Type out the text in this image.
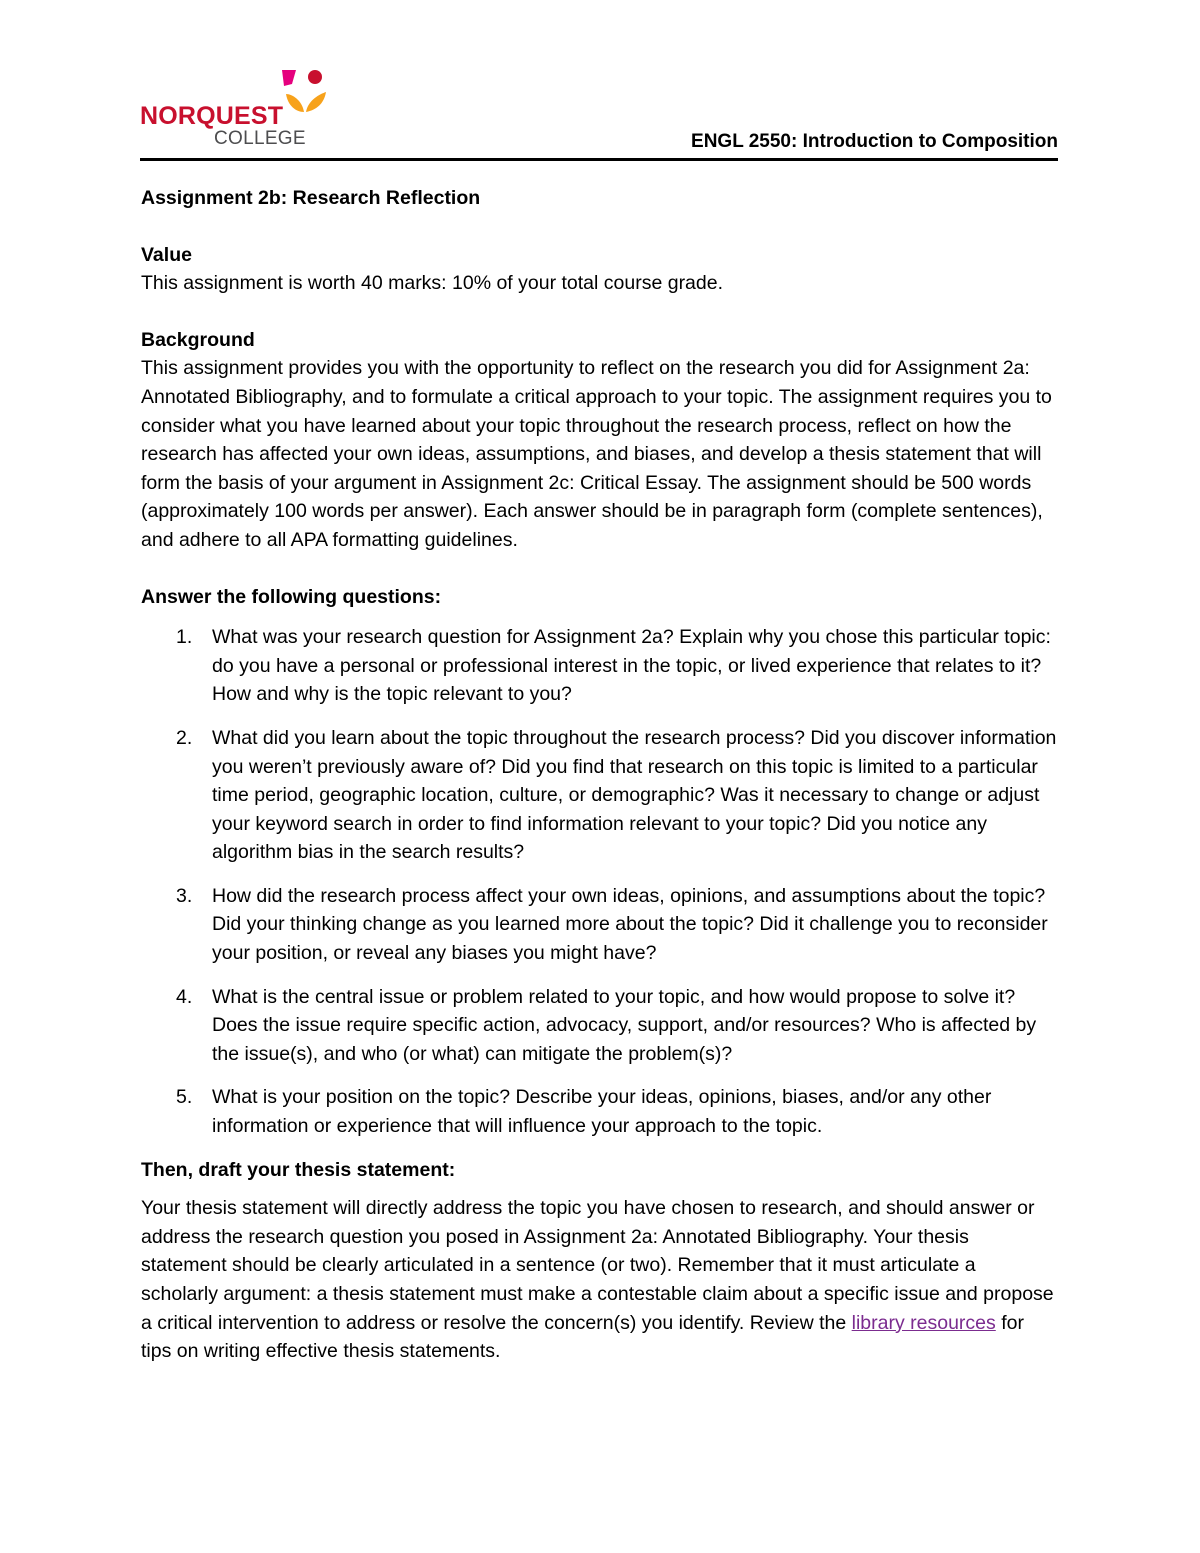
NORQUEST
COLLEGE	ENGL 2550: Introduction to Composition

Assignment 2b: Research Reflection

Value

This assignment is worth 40 marks: 10% of your total course grade.

Background

This assignment provides you with the opportunity to reflect on the research you did for Assignment 2a: Annotated Bibliography, and to formulate a critical approach to your topic. The assignment requires you to consider what you have learned about your topic throughout the research process, reflect on how the research has affected your own ideas, assumptions, and biases, and develop a thesis statement that will form the basis of your argument in Assignment 2c: Critical Essay. The assignment should be 500 words (approximately 100 words per answer). Each answer should be in paragraph form (complete sentences), and adhere to all APA formatting guidelines.

Answer the following questions:

1. What was your research question for Assignment 2a? Explain why you chose this particular topic: do you have a personal or professional interest in the topic, or lived experience that relates to it? How and why is the topic relevant to you?
2. What did you learn about the topic throughout the research process? Did you discover information you weren’t previously aware of? Did you find that research on this topic is limited to a particular time period, geographic location, culture, or demographic? Was it necessary to change or adjust your keyword search in order to find information relevant to your topic? Did you notice any algorithm bias in the search results?
3. How did the research process affect your own ideas, opinions, and assumptions about the topic? Did your thinking change as you learned more about the topic? Did it challenge you to reconsider your position, or reveal any biases you might have?
4. What is the central issue or problem related to your topic, and how would propose to solve it? Does the issue require specific action, advocacy, support, and/or resources? Who is affected by the issue(s), and who (or what) can mitigate the problem(s)?
5. What is your position on the topic? Describe your ideas, opinions, biases, and/or any other information or experience that will influence your approach to the topic.

Then, draft your thesis statement:

Your thesis statement will directly address the topic you have chosen to research, and should answer or address the research question you posed in Assignment 2a: Annotated Bibliography. Your thesis statement should be clearly articulated in a sentence (or two). Remember that it must articulate a scholarly argument: a thesis statement must make a contestable claim about a specific issue and propose a critical intervention to address or resolve the concern(s) you identify. Review the library resources for tips on writing effective thesis statements.
